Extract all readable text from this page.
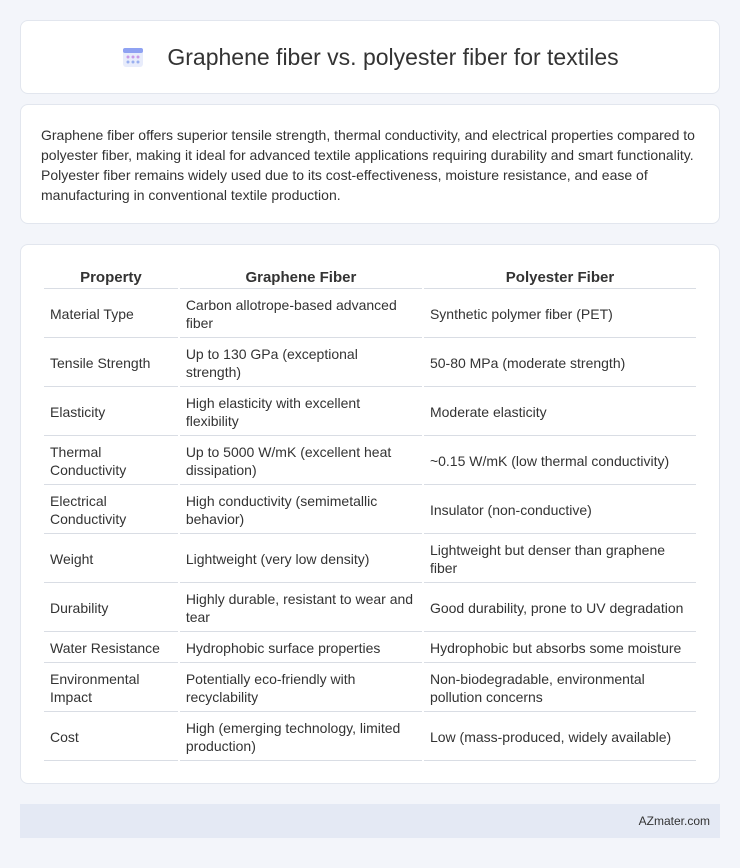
Graphene fiber vs. polyester fiber for textiles

Graphene fiber offers superior tensile strength, thermal conductivity, and electrical properties compared to polyester fiber, making it ideal for advanced textile applications requiring durability and smart functionality. Polyester fiber remains widely used due to its cost-effectiveness, moisture resistance, and ease of manufacturing in conventional textile production.

Property	Graphene Fiber	Polyester Fiber
Material Type	Carbon allotrope-based advanced fiber	Synthetic polymer fiber (PET)
Tensile Strength	Up to 130 GPa (exceptional strength)	50-80 MPa (moderate strength)
Elasticity	High elasticity with excellent flexibility	Moderate elasticity
Thermal Conductivity	Up to 5000 W/mK (excellent heat dissipation)	~0.15 W/mK (low thermal conductivity)
Electrical Conductivity	High conductivity (semimetallic behavior)	Insulator (non-conductive)
Weight	Lightweight (very low density)	Lightweight but denser than graphene fiber
Durability	Highly durable, resistant to wear and tear	Good durability, prone to UV degradation
Water Resistance	Hydrophobic surface properties	Hydrophobic but absorbs some moisture
Environmental Impact	Potentially eco-friendly with recyclability	Non-biodegradable, environmental pollution concerns
Cost	High (emerging technology, limited production)	Low (mass-produced, widely available)
AZmater.com
